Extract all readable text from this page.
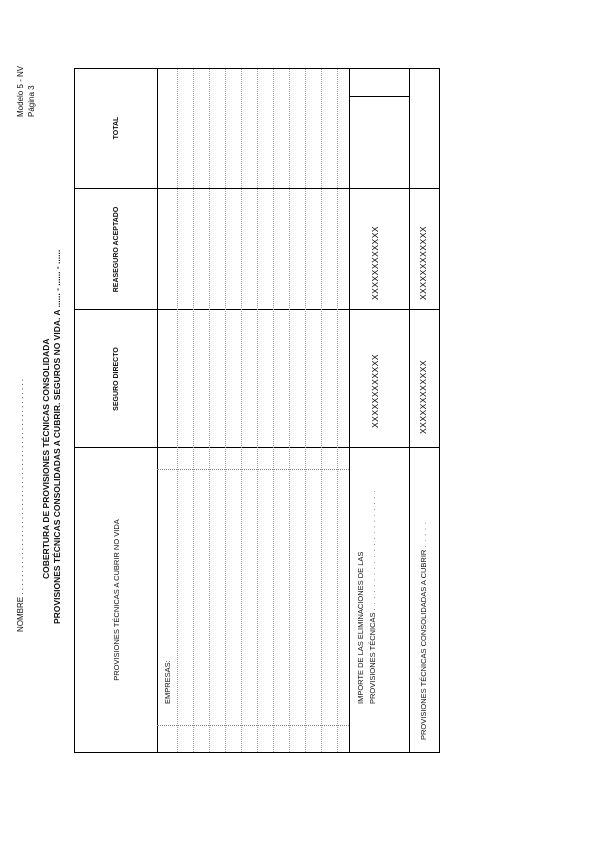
NOMBRE . . . . . . . . . . . . . . . . . . . . . . . . . . . . . . . . . . . . . . . . . . . . . . . . .
Modelo 5 - NV Página 3
COBERTURA DE PROVISIONES TÉCNICAS CONSOLIDADA PROVISIONES TÉCNICAS CONSOLIDADAS A CUBRIR. SEGUROS NO VIDA. A ...... - ...... - ......	PROVISIONES TÉCNICAS A CUBRIR NO VIDA
SEGURO DIRECTO
REASEGURO ACEPTADO
TOTAL
EMPRESAS:	IMPORTE DE LAS ELIMINACIONES DE LAS PROVISIONES TÉCNICAS . . . . . . . . . . . . . . . . . . . . .
XXXXXXXXXXXX
XXXXXXXXXXXX
PROVISIONES TÉCNICAS CONSOLIDADAS A CUBRIR . . . . .
XXXXXXXXXXXX
XXXXXXXXXXXX
